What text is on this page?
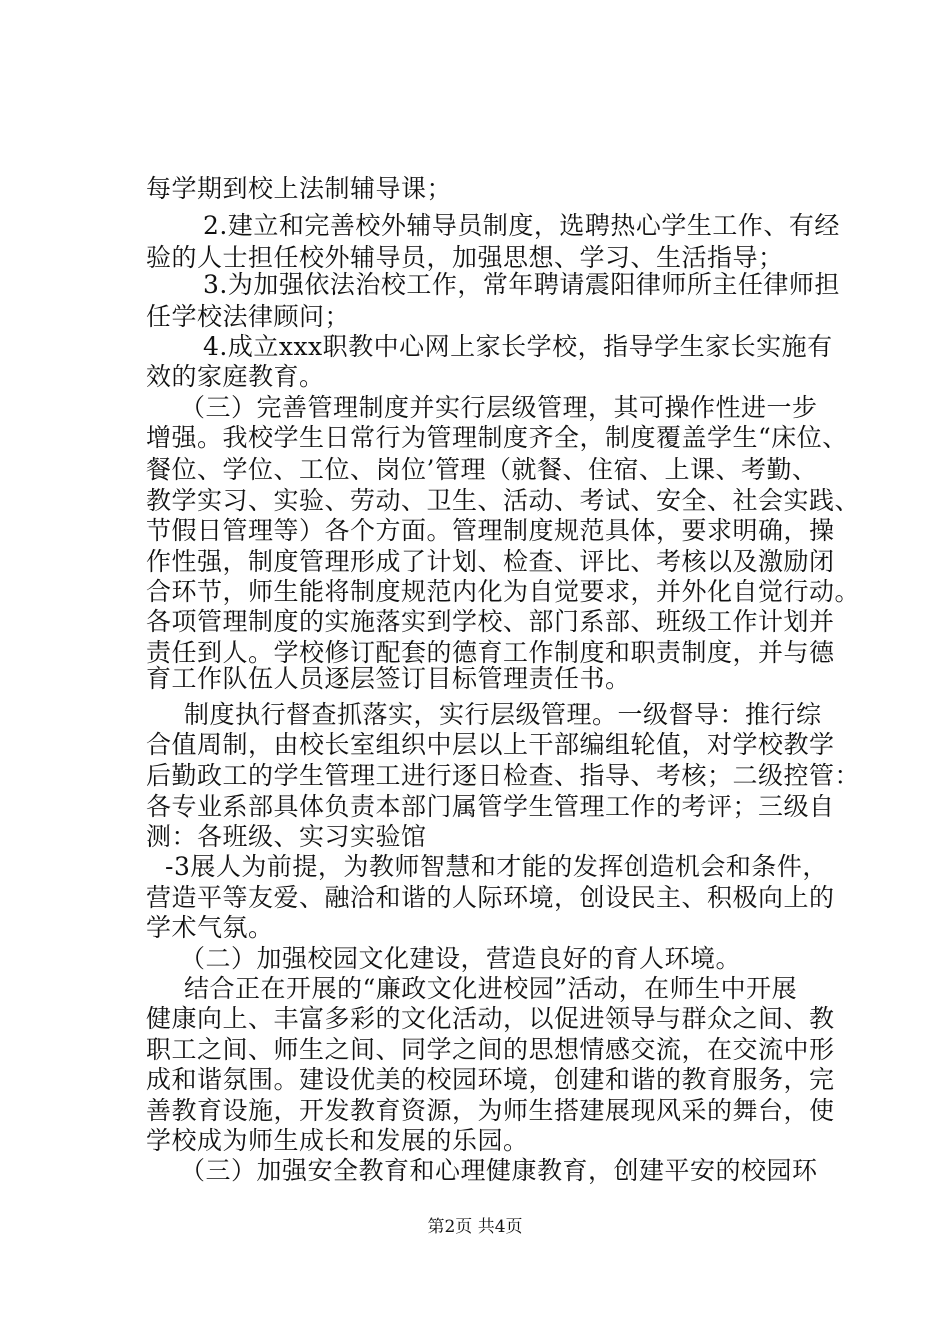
每学期到校上法制辅导课；
2.建立和完善校外辅导员制度，选聘热心学生工作、有经
验的人士担任校外辅导员，加强思想、学习、生活指导；
3.为加强依法治校工作，常年聘请震阳律师所主任律师担
任学校法律顾问；
4.成立xxx职教中心网上家长学校，指导学生家长实施有
效的家庭教育。
（三）完善管理制度并实行层级管理，其可操作性进一步
增强。我校学生日常行为管理制度齐全，制度覆盖学生“床位、
餐位、学位、工位、岗位’管理（就餐、住宿、上课、考勤、
教学实习、实验、劳动、卫生、活动、考试、安全、社会实践、
节假日管理等）各个方面。管理制度规范具体，要求明确，操
作性强，制度管理形成了计划、检查、评比、考核以及激励闭
合环节，师生能将制度规范内化为自觉要求，并外化自觉行动。
各项管理制度的实施落实到学校、部门系部、班级工作计划并
责任到人。学校修订配套的德育工作制度和职责制度，并与德
育工作队伍人员逐层签订目标管理责任书。
制度执行督查抓落实，实行层级管理。一级督导：推行综
合值周制，由校长室组织中层以上干部编组轮值，对学校教学
后勤政工的学生管理工进行逐日检查、指导、考核；二级控管：
各专业系部具体负责本部门属管学生管理工作的考评；三级自
测：各班级、实习实验馆
-3展人为前提，为教师智慧和才能的发挥创造机会和条件，
营造平等友爱、融洽和谐的人际环境，创设民主、积极向上的
学术气氛。
（二）加强校园文化建设，营造良好的育人环境。
结合正在开展的“廉政文化进校园”活动，在师生中开展
健康向上、丰富多彩的文化活动，以促进领导与群众之间、教
职工之间、师生之间、同学之间的思想情感交流，在交流中形
成和谐氛围。建设优美的校园环境，创建和谐的教育服务，完
善教育设施，开发教育资源，为师生搭建展现风采的舞台，使
学校成为师生成长和发展的乐园。
（三）加强安全教育和心理健康教育，创建平安的校园环
第2页 共4页
